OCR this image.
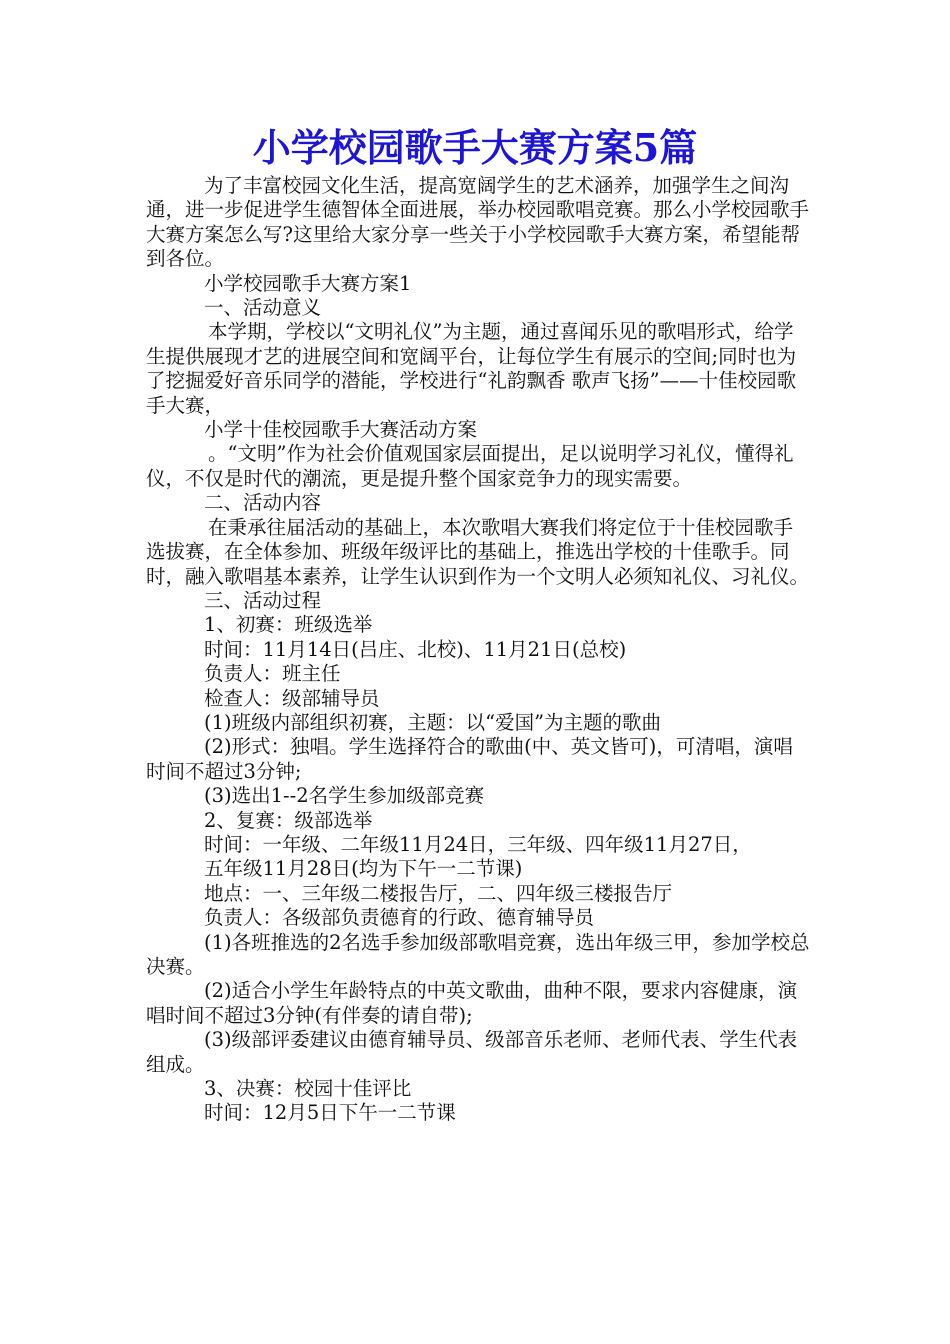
小学校园歌手大赛方案5篇

为了丰富校园文化生活，提高宽阔学生的艺术涵养，加强学生之间沟通，进一步促进学生德智体全面进展，举办校园歌唱竞赛。那么小学校园歌手大赛方案怎么写?这里给大家分享一些关于小学校园歌手大赛方案，希望能帮到各位。

小学校园歌手大赛方案1

一、活动意义

本学期，学校以“文明礼仪”为主题，通过喜闻乐见的歌唱形式，给学生提供展现才艺的进展空间和宽阔平台，让每位学生有展示的空间;同时也为了挖掘爱好音乐同学的潜能，学校进行“礼韵飘香 歌声飞扬”——十佳校园歌手大赛，

小学十佳校园歌手大赛活动方案

。“文明”作为社会价值观国家层面提出，足以说明学习礼仪，懂得礼仪，不仅是时代的潮流，更是提升整个国家竞争力的现实需要。

二、活动内容

在秉承往届活动的基础上，本次歌唱大赛我们将定位于十佳校园歌手选拔赛，在全体参加、班级年级评比的基础上，推选出学校的十佳歌手。同时，融入歌唱基本素养，让学生认识到作为一个文明人必须知礼仪、习礼仪。

三、活动过程

1、初赛：班级选举

时间：11月14日(吕庄、北校)、11月21日(总校)

负责人：班主任

检查人：级部辅导员

(1)班级内部组织初赛，主题：以“爱国”为主题的歌曲

(2)形式：独唱。学生选择符合的歌曲(中、英文皆可)，可清唱，演唱时间不超过3分钟;

(3)选出1--2名学生参加级部竞赛

2、复赛：级部选举

时间：一年级、二年级11月24日，三年级、四年级11月27日，

五年级11月28日(均为下午一二节课)

地点：一、三年级二楼报告厅，二、四年级三楼报告厅

负责人：各级部负责德育的行政、德育辅导员

(1)各班推选的2名选手参加级部歌唱竞赛，选出年级三甲，参加学校总决赛。

(2)适合小学生年龄特点的中英文歌曲，曲种不限，要求内容健康，演唱时间不超过3分钟(有伴奏的请自带);

(3)级部评委建议由德育辅导员、级部音乐老师、老师代表、学生代表组成。

3、决赛：校园十佳评比

时间：12月5日下午一二节课
